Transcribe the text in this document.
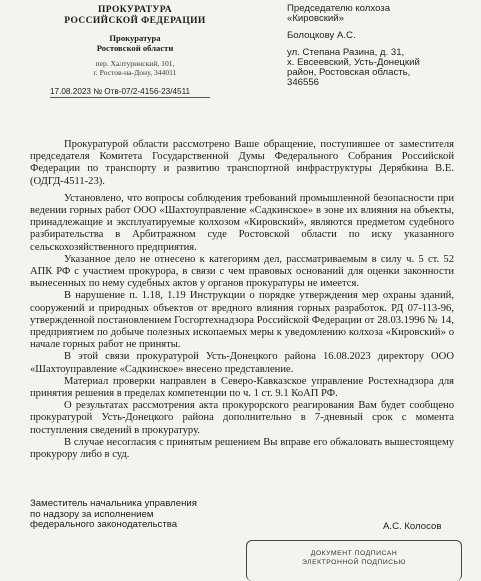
ПРОКУРАТУРА
РОССИЙСКОЙ ФЕДЕРАЦИИ
Прокуратура
Ростовской области
пер. Халтуринский, 101,
г. Ростов-на-Дону, 344011
17.08.2023 № Отв-07/2-4156-23/4511
Председателю колхоза
«Кировский»
Болоцкову А.С.
ул. Степана Разина, д. 31,
х. Евсеевский, Усть-Донецкий
район, Ростовская область,
346556

Прокуратурой области рассмотрено Ваше обращение, поступившее от заместителя председателя Комитета Государственной Думы Федерального Собрания Российской Федерации по транспорту и развитию транспортной инфраструктуры Дерябкина В.Е. (ОДГД-4511-23).

Установлено, что вопросы соблюдения требований промышленной безопасности при ведении горных работ ООО «Шахтоуправление «Садкинское» в зоне их влияния на объекты, принадлежащие и эксплуатируемые колхозом «Кировский», являются предметом судебного разбирательства в Арбитражном суде Ростовской области по иску указанного сельскохозяйственного предприятия.

Указанное дело не отнесено к категориям дел, рассматриваемым в силу ч. 5 ст. 52 АПК РФ с участием прокурора, в связи с чем правовых оснований для оценки законности вынесенных по нему судебных актов у органов прокуратуры не имеется.

В нарушение п. 1.18, 1.19 Инструкции о порядке утверждения мер охраны зданий, сооружений и природных объектов от вредного влияния горных разработок. РД 07-113-96, утвержденной постановлением Госгортехнадзора Российской Федерации от 28.03.1996 № 14, предприятием по добыче полезных ископаемых меры к уведомлению колхоза «Кировский» о начале горных работ не приняты.

В этой связи прокуратурой Усть-Донецкого района 16.08.2023 директору ООО «Шахтоуправление «Садкинское» внесено представление.

Материал проверки направлен в Северо-Кавказское управление Ростехнадзора для принятия решения в пределах компетенции по ч. 1 ст. 9.1 КоАП РФ.

О результатах рассмотрения акта прокурорского реагирования Вам будет сообщено прокуратурой Усть-Донецкого района дополнительно в 7-дневный срок с момента поступления сведений в прокуратуру.

В случае несогласия с принятым решением Вы вправе его обжаловать вышестоящему прокурору либо в суд.

Заместитель начальника управления
по надзору за исполнением
федерального законодательства	А.С. Колосов
ДОКУМЕНТ ПОДПИСАН
ЭЛЕКТРОННОЙ ПОДПИСЬЮ
